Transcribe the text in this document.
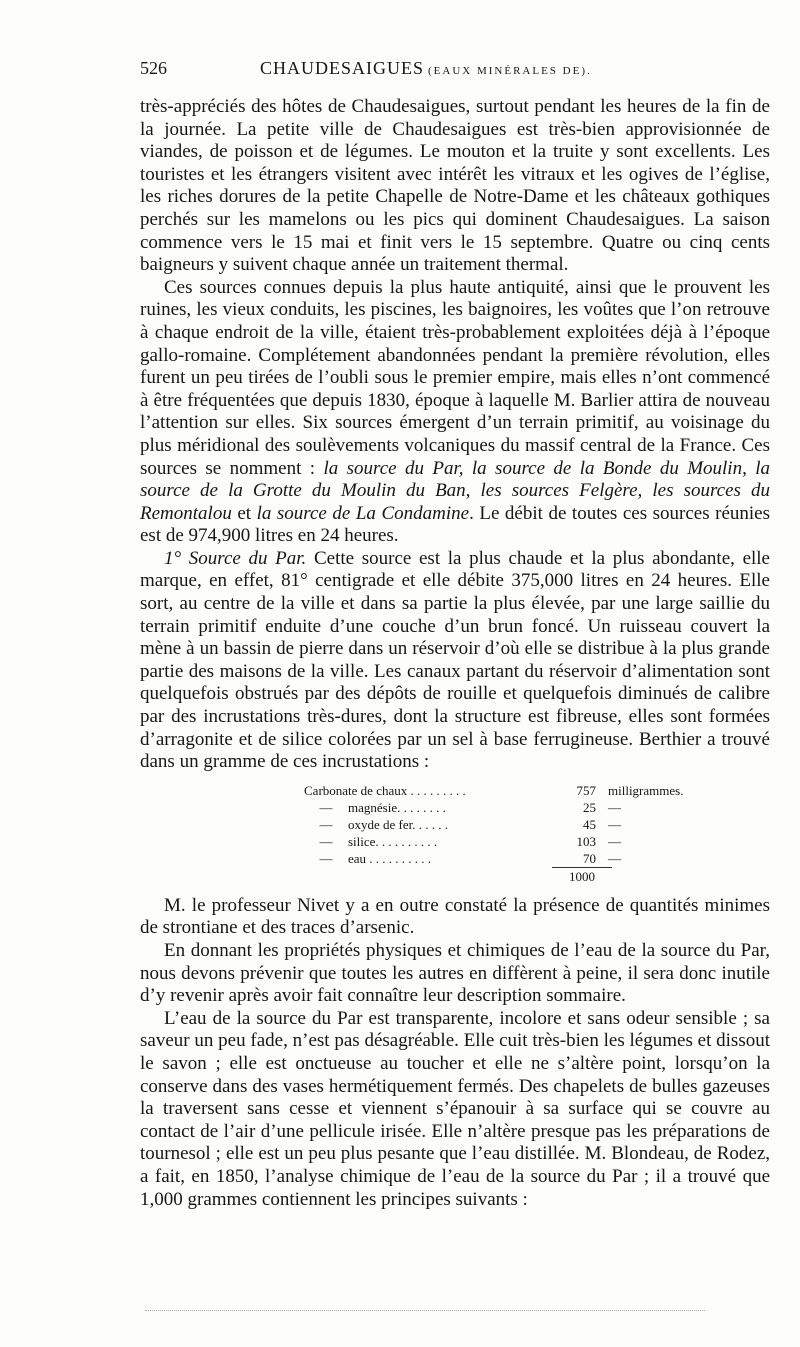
526	CHAUDESAIGUES (EAUX MINÉRALES DE).

très-appréciés des hôtes de Chaudesaigues, surtout pendant les heures de la fin de la journée. La petite ville de Chaudesaigues est très-bien approvisionnée de viandes, de poisson et de légumes. Le mouton et la truite y sont excellents. Les touristes et les étrangers visitent avec intérêt les vitraux et les ogives de l’église, les riches dorures de la petite Chapelle de Notre-Dame et les châteaux gothiques perchés sur les mamelons ou les pics qui dominent Chaudesaigues. La saison commence vers le 15 mai et finit vers le 15 septembre. Quatre ou cinq cents baigneurs y suivent chaque année un traitement thermal.

Ces sources connues depuis la plus haute antiquité, ainsi que le prouvent les ruines, les vieux conduits, les piscines, les baignoires, les voûtes que l’on retrouve à chaque endroit de la ville, étaient très-probablement exploitées déjà à l’époque gallo-romaine. Complétement abandonnées pendant la première révolution, elles furent un peu tirées de l’oubli sous le premier empire, mais elles n’ont commencé à être fréquentées que depuis 1830, époque à laquelle M. Barlier attira de nouveau l’attention sur elles. Six sources émergent d’un terrain primitif, au voisinage du plus méridional des soulèvements volcaniques du massif central de la France. Ces sources se nomment : la source du Par, la source de la Bonde du Moulin, la source de la Grotte du Moulin du Ban, les sources Felgère, les sources du Remontalou et la source de La Condamine. Le débit de toutes ces sources réunies est de 974,900 litres en 24 heures.

1° Source du Par. Cette source est la plus chaude et la plus abondante, elle marque, en effet, 81° centigrade et elle débite 375,000 litres en 24 heures. Elle sort, au centre de la ville et dans sa partie la plus élevée, par une large saillie du terrain primitif enduite d’une couche d’un brun foncé. Un ruisseau couvert la mène à un bassin de pierre dans un réservoir d’où elle se distribue à la plus grande partie des maisons de la ville. Les canaux partant du réservoir d’alimentation sont quelquefois obstrués par des dépôts de rouille et quelquefois diminués de calibre par des incrustations très-dures, dont la structure est fibreuse, elles sont formées d’arragonite et de silice colorées par un sel à base ferrugineuse. Berthier a trouvé dans un gramme de ces incrustations :

Carbonate de chaux . . . . . . . . .	757 milligrammes.
—	magnésie. . . . . . . .	25 —
—	oxyde de fer. . . . . .	45 —
—	silice. . . . . . . . . .	103 —
—	eau . . . . . . . . . .	70 —
1000

M. le professeur Nivet y a en outre constaté la présence de quantités minimes de strontiane et des traces d’arsenic.

En donnant les propriétés physiques et chimiques de l’eau de la source du Par, nous devons prévenir que toutes les autres en diffèrent à peine, il sera donc inutile d’y revenir après avoir fait connaître leur description sommaire.

L’eau de la source du Par est transparente, incolore et sans odeur sensible ; sa saveur un peu fade, n’est pas désagréable. Elle cuit très-bien les légumes et dissout le savon ; elle est onctueuse au toucher et elle ne s’altère point, lorsqu’on la conserve dans des vases hermétiquement fermés. Des chapelets de bulles gazeuses la traversent sans cesse et viennent s’épanouir à sa surface qui se couvre au contact de l’air d’une pellicule irisée. Elle n’altère presque pas les préparations de tournesol ; elle est un peu plus pesante que l’eau distillée. M. Blondeau, de Rodez, a fait, en 1850, l’analyse chimique de l’eau de la source du Par ; il a trouvé que 1,000 grammes contiennent les principes suivants :
